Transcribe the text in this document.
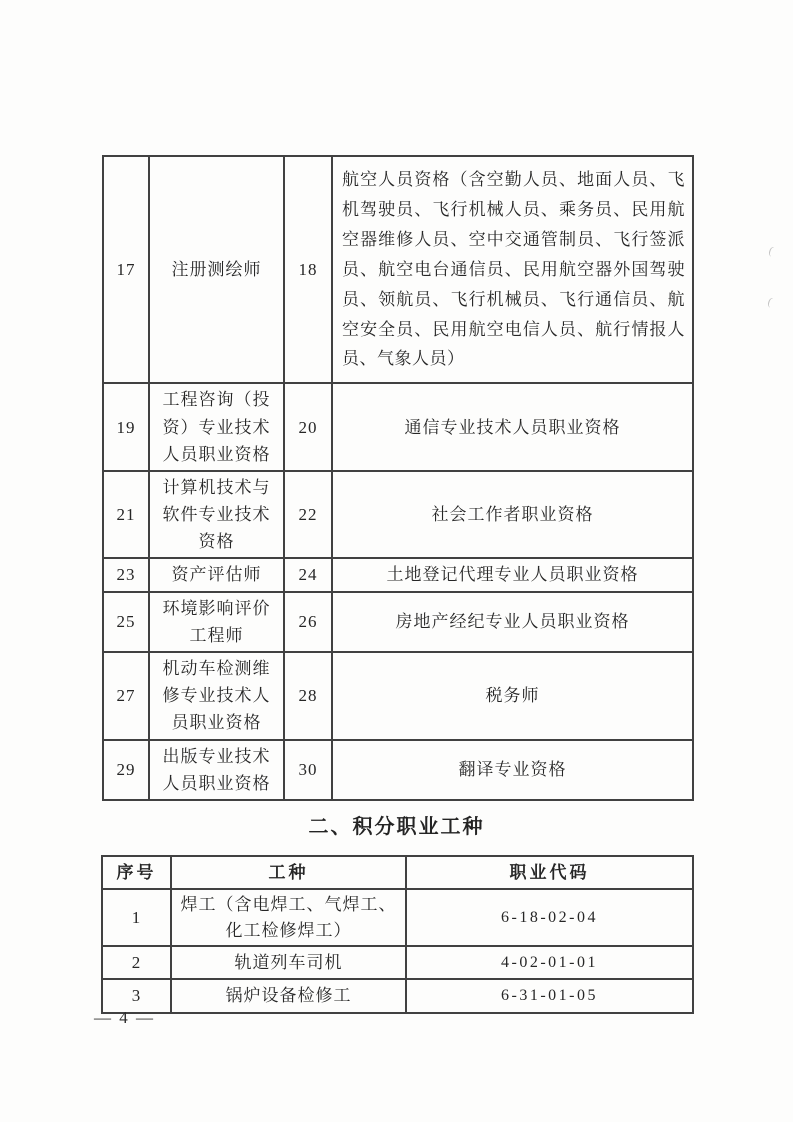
17	注册测绘师	18	航空人员资格（含空勤人员、地面人员、飞机驾驶员、飞行机械人员、乘务员、民用航空器维修人员、空中交通管制员、飞行签派员、航空电台通信员、民用航空器外国驾驶员、领航员、飞行机械员、飞行通信员、航空安全员、民用航空电信人员、航行情报人员、气象人员）
19	工程咨询（投资）专业技术人员职业资格	20	通信专业技术人员职业资格
21	计算机技术与软件专业技术资格	22	社会工作者职业资格
23	资产评估师	24	土地登记代理专业人员职业资格
25	环境影响评价工程师	26	房地产经纪专业人员职业资格
27	机动车检测维修专业技术人员职业资格	28	税务师
29	出版专业技术人员职业资格	30	翻译专业资格
二、积分职业工种
序号	工种	职业代码
1	焊工（含电焊工、气焊工、化工检修焊工）	6-18-02-04
2	轨道列车司机	4-02-01-01
3	锅炉设备检修工	6-31-01-05
— 4 —
(
(
